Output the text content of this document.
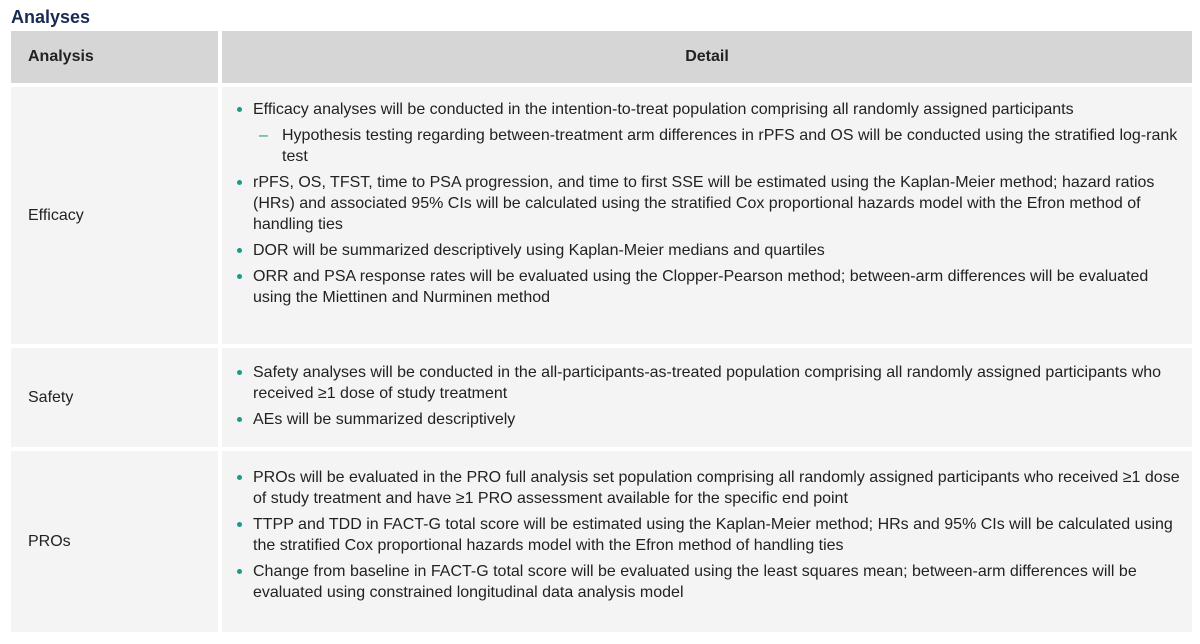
Analyses
Analysis	Detail
Efficacy
Efficacy analyses will be conducted in the intention-to-treat population comprising all randomly assigned participants
– Hypothesis testing regarding between-treatment arm differences in rPFS and OS will be conducted using the stratified log-rank test
rPFS, OS, TFST, time to PSA progression, and time to first SSE will be estimated using the Kaplan-Meier method; hazard ratios (HRs) and associated 95% CIs will be calculated using the stratified Cox proportional hazards model with the Efron method of handling ties
DOR will be summarized descriptively using Kaplan-Meier medians and quartiles
ORR and PSA response rates will be evaluated using the Clopper-Pearson method; between-arm differences will be evaluated using the Miettinen and Nurminen method
Safety
Safety analyses will be conducted in the all-participants-as-treated population comprising all randomly assigned participants who received ≥1 dose of study treatment
AEs will be summarized descriptively
PROs
PROs will be evaluated in the PRO full analysis set population comprising all randomly assigned participants who received ≥1 dose of study treatment and have ≥1 PRO assessment available for the specific end point
TTPP and TDD in FACT-G total score will be estimated using the Kaplan-Meier method; HRs and 95% CIs will be calculated using the stratified Cox proportional hazards model with the Efron method of handling ties
Change from baseline in FACT-G total score will be evaluated using the least squares mean; between-arm differences will be evaluated using constrained longitudinal data analysis model
